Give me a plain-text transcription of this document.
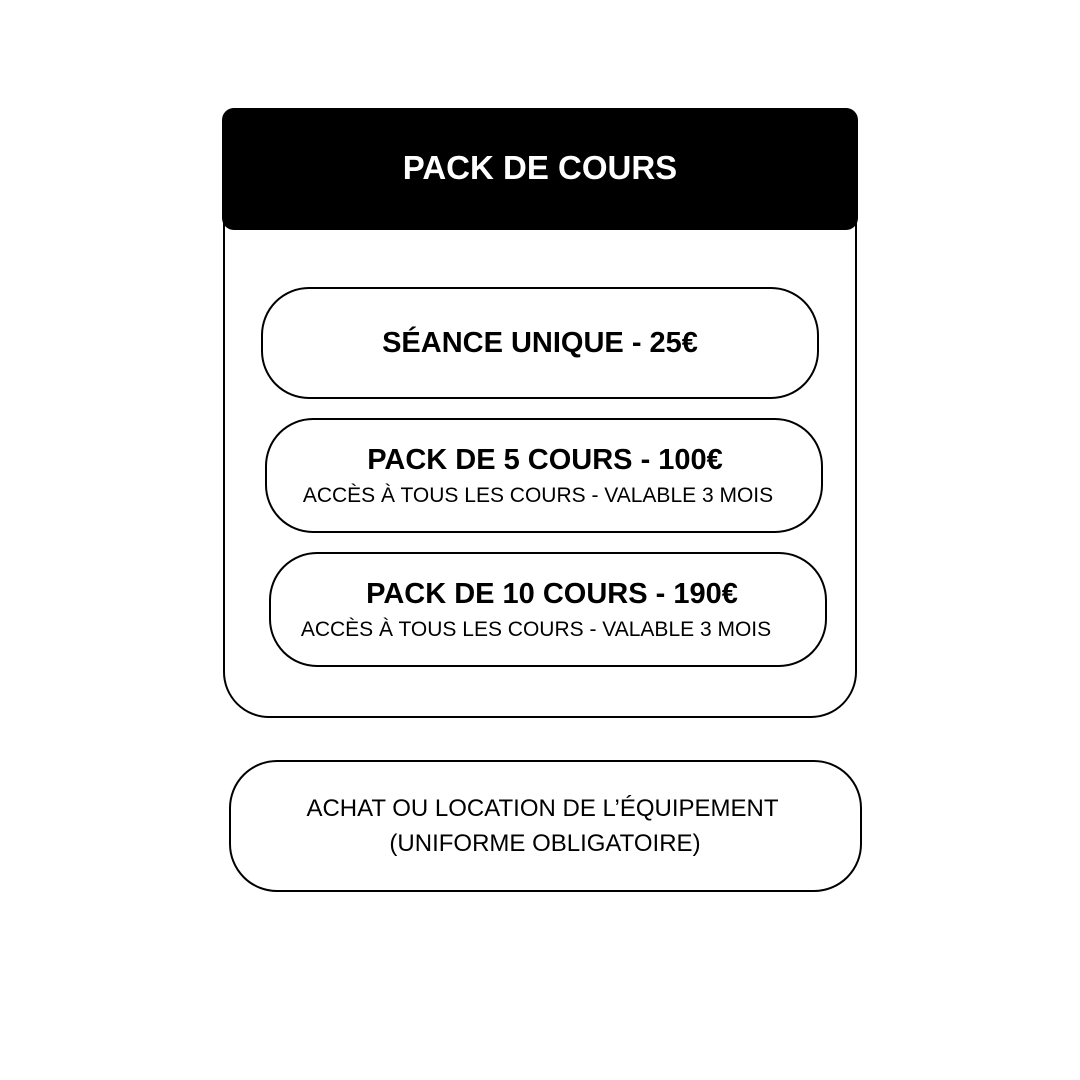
PACK DE COURS
SÉANCE UNIQUE - 25€
PACK DE 5 COURS - 100€
ACCÈS À TOUS LES COURS - VALABLE 3 MOIS
PACK DE 10 COURS - 190€
ACCÈS À TOUS LES COURS - VALABLE 3 MOIS
ACHAT OU LOCATION DE L’ÉQUIPEMENT
(UNIFORME OBLIGATOIRE)
